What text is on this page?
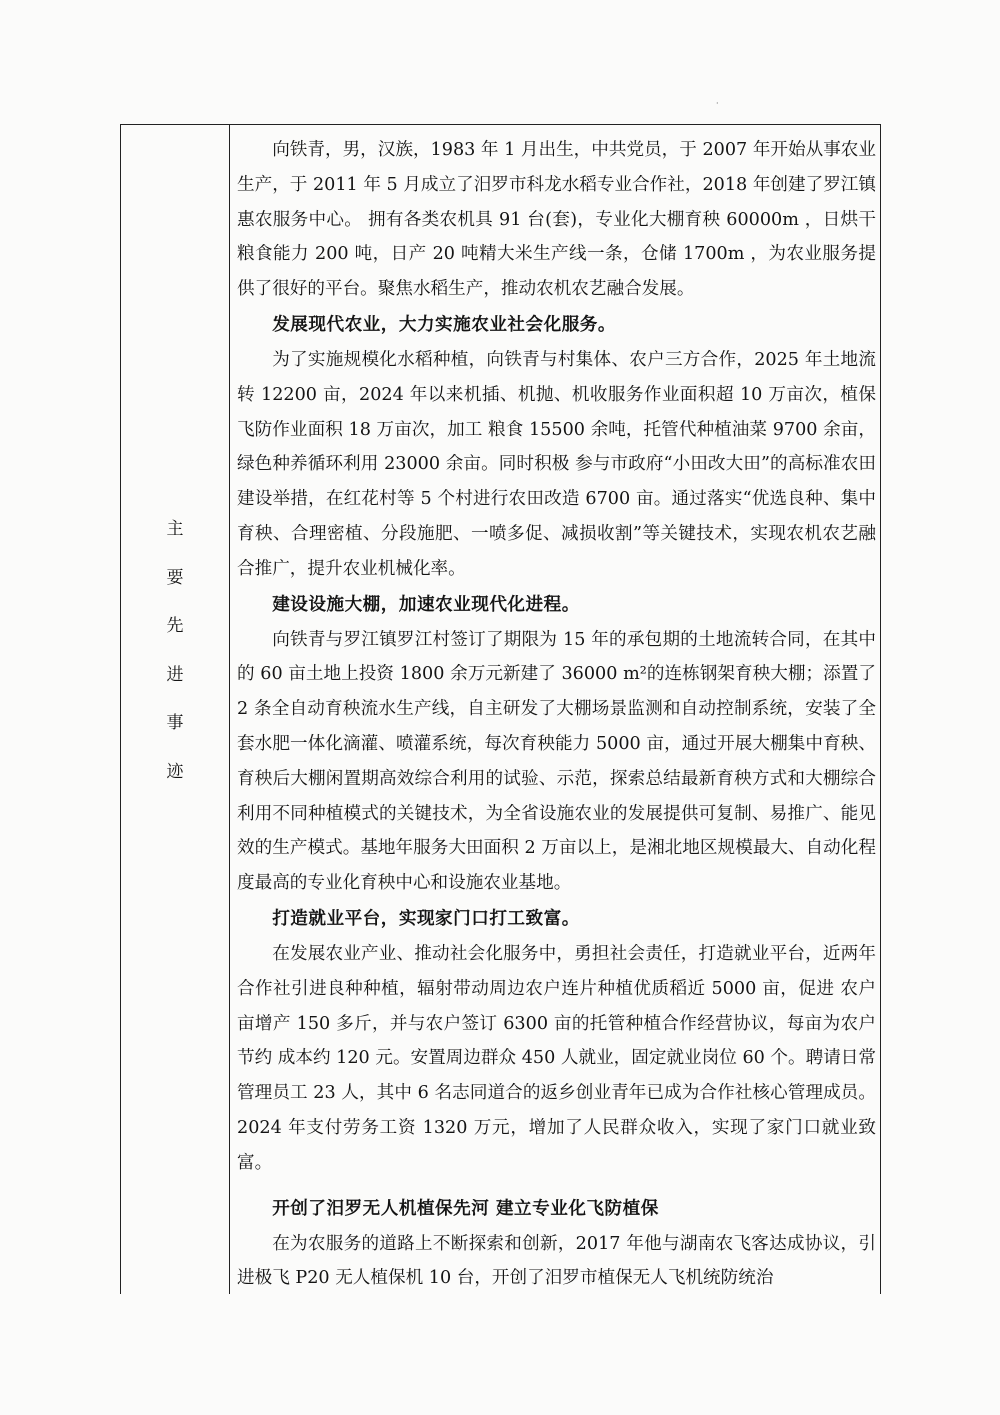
·
主
要
先
进
事
迹

向铁青，男，汉族，1983 年 1 月出生，中共党员，于 2007 年开始从事农业生产，于 2011 年 5 月成立了汨罗市科龙水稻专业合作社，2018 年创建了罗江镇惠农服务中心。 拥有各类农机具 91 台(套)，专业化大棚育秧 60000m ，日烘干粮食能力 200 吨，日产 20 吨精大米生产线一条，仓储 1700m ，为农业服务提供了很好的平台。聚焦水稻生产，推动农机农艺融合发展。

发展现代农业，大力实施农业社会化服务。

为了实施规模化水稻种植，向铁青与村集体、农户三方合作，2025 年土地流转 12200 亩，2024 年以来机插、机抛、机收服务作业面积超 10 万亩次，植保飞防作业面积 18 万亩次，加工 粮食 15500 余吨，托管代种植油菜 9700 余亩，绿色种养循环利用 23000 余亩。同时积极 参与市政府“小田改大田”的高标准农田建设举措，在红花村等 5 个村进行农田改造 6700 亩。通过落实“优选良种、集中育秧、合理密植、分段施肥、一喷多促、减损收割”等关键技术，实现农机农艺融合推广，提升农业机械化率。

建设设施大棚，加速农业现代化进程。

向铁青与罗江镇罗江村签订了期限为 15 年的承包期的土地流转合同，在其中的 60 亩土地上投资 1800 余万元新建了 36000 m²的连栋钢架育秧大棚；添置了 2 条全自动育秧流水生产线，自主研发了大棚场景监测和自动控制系统，安装了全套水肥一体化滴灌、喷灌系统，每次育秧能力 5000 亩，通过开展大棚集中育秧、育秧后大棚闲置期高效综合利用的试验、示范，探索总结最新育秧方式和大棚综合利用不同种植模式的关键技术，为全省设施农业的发展提供可复制、易推广、能见效的生产模式。基地年服务大田面积 2 万亩以上，是湘北地区规模最大、自动化程度最高的专业化育秧中心和设施农业基地。

打造就业平台，实现家门口打工致富。

在发展农业产业、推动社会化服务中，勇担社会责任，打造就业平台，近两年合作社引进良种种植，辐射带动周边农户连片种植优质稻近 5000 亩，促进 农户亩增产 150 多斤，并与农户签订 6300 亩的托管种植合作经营协议，每亩为农户节约 成本约 120 元。安置周边群众 450 人就业，固定就业岗位 60 个。聘请日常管理员工 23 人，其中 6 名志同道合的返乡创业青年已成为合作社核心管理成员。2024 年支付劳务工资 1320 万元，增加了人民群众收入，实现了家门口就业致富。

开创了汨罗无人机植保先河 建立专业化飞防植保

在为农服务的道路上不断探索和创新，2017 年他与湖南农飞客达成协议，引进极飞 P20 无人植保机 10 台，开创了汨罗市植保无人飞机统防统治
